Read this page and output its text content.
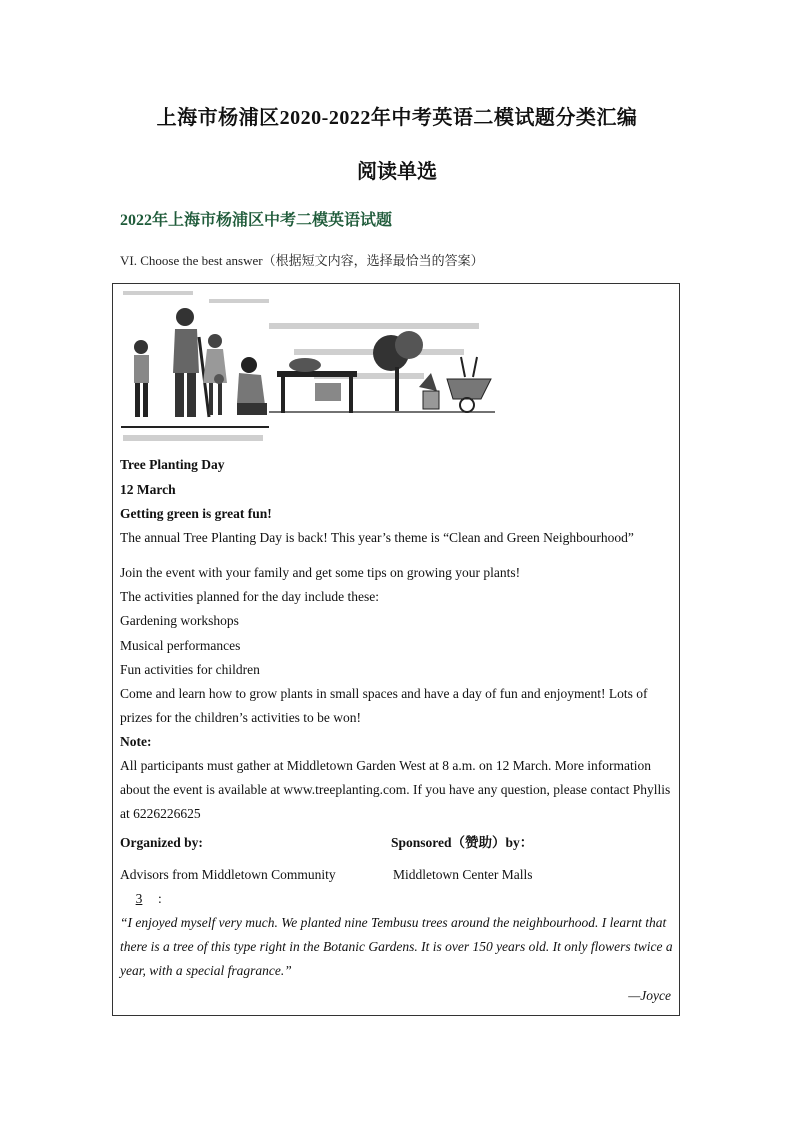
上海市杨浦区2020-2022年中考英语二模试题分类汇编
阅读单选
2022年上海市杨浦区中考二模英语试题
VI. Choose the best answer（根据短文内容，选择最恰当的答案）
Tree Planting Day
12 March
Getting green is great fun!
The annual Tree Planting Day is back! This year’s theme is “Clean and Green Neighbourhood”
Join the event with your family and get some tips on growing your plants!
The activities planned for the day include these:
Gardening workshops
Musical performances
Fun activities for children
Come and learn how to grow plants in small spaces and have a day of fun and enjoyment! Lots of prizes for the children’s activities to be won!
Note:
All participants must gather at Middletown Garden West at 8 a.m. on 12 March. More information about the event is available at www.treeplanting.com. If you have any question, please contact Phyllis at 6226226625
Organized by:	Sponsored（赞助）by：
Advisors from Middletown Community	Middletown Center Malls
3 :
“I enjoyed myself very much. We planted nine Tembusu trees around the neighbourhood. I learnt that there is a tree of this type right in the Botanic Gardens. It is over 150 years old. It only flowers twice a year, with a special fragrance.”
—Joyce
